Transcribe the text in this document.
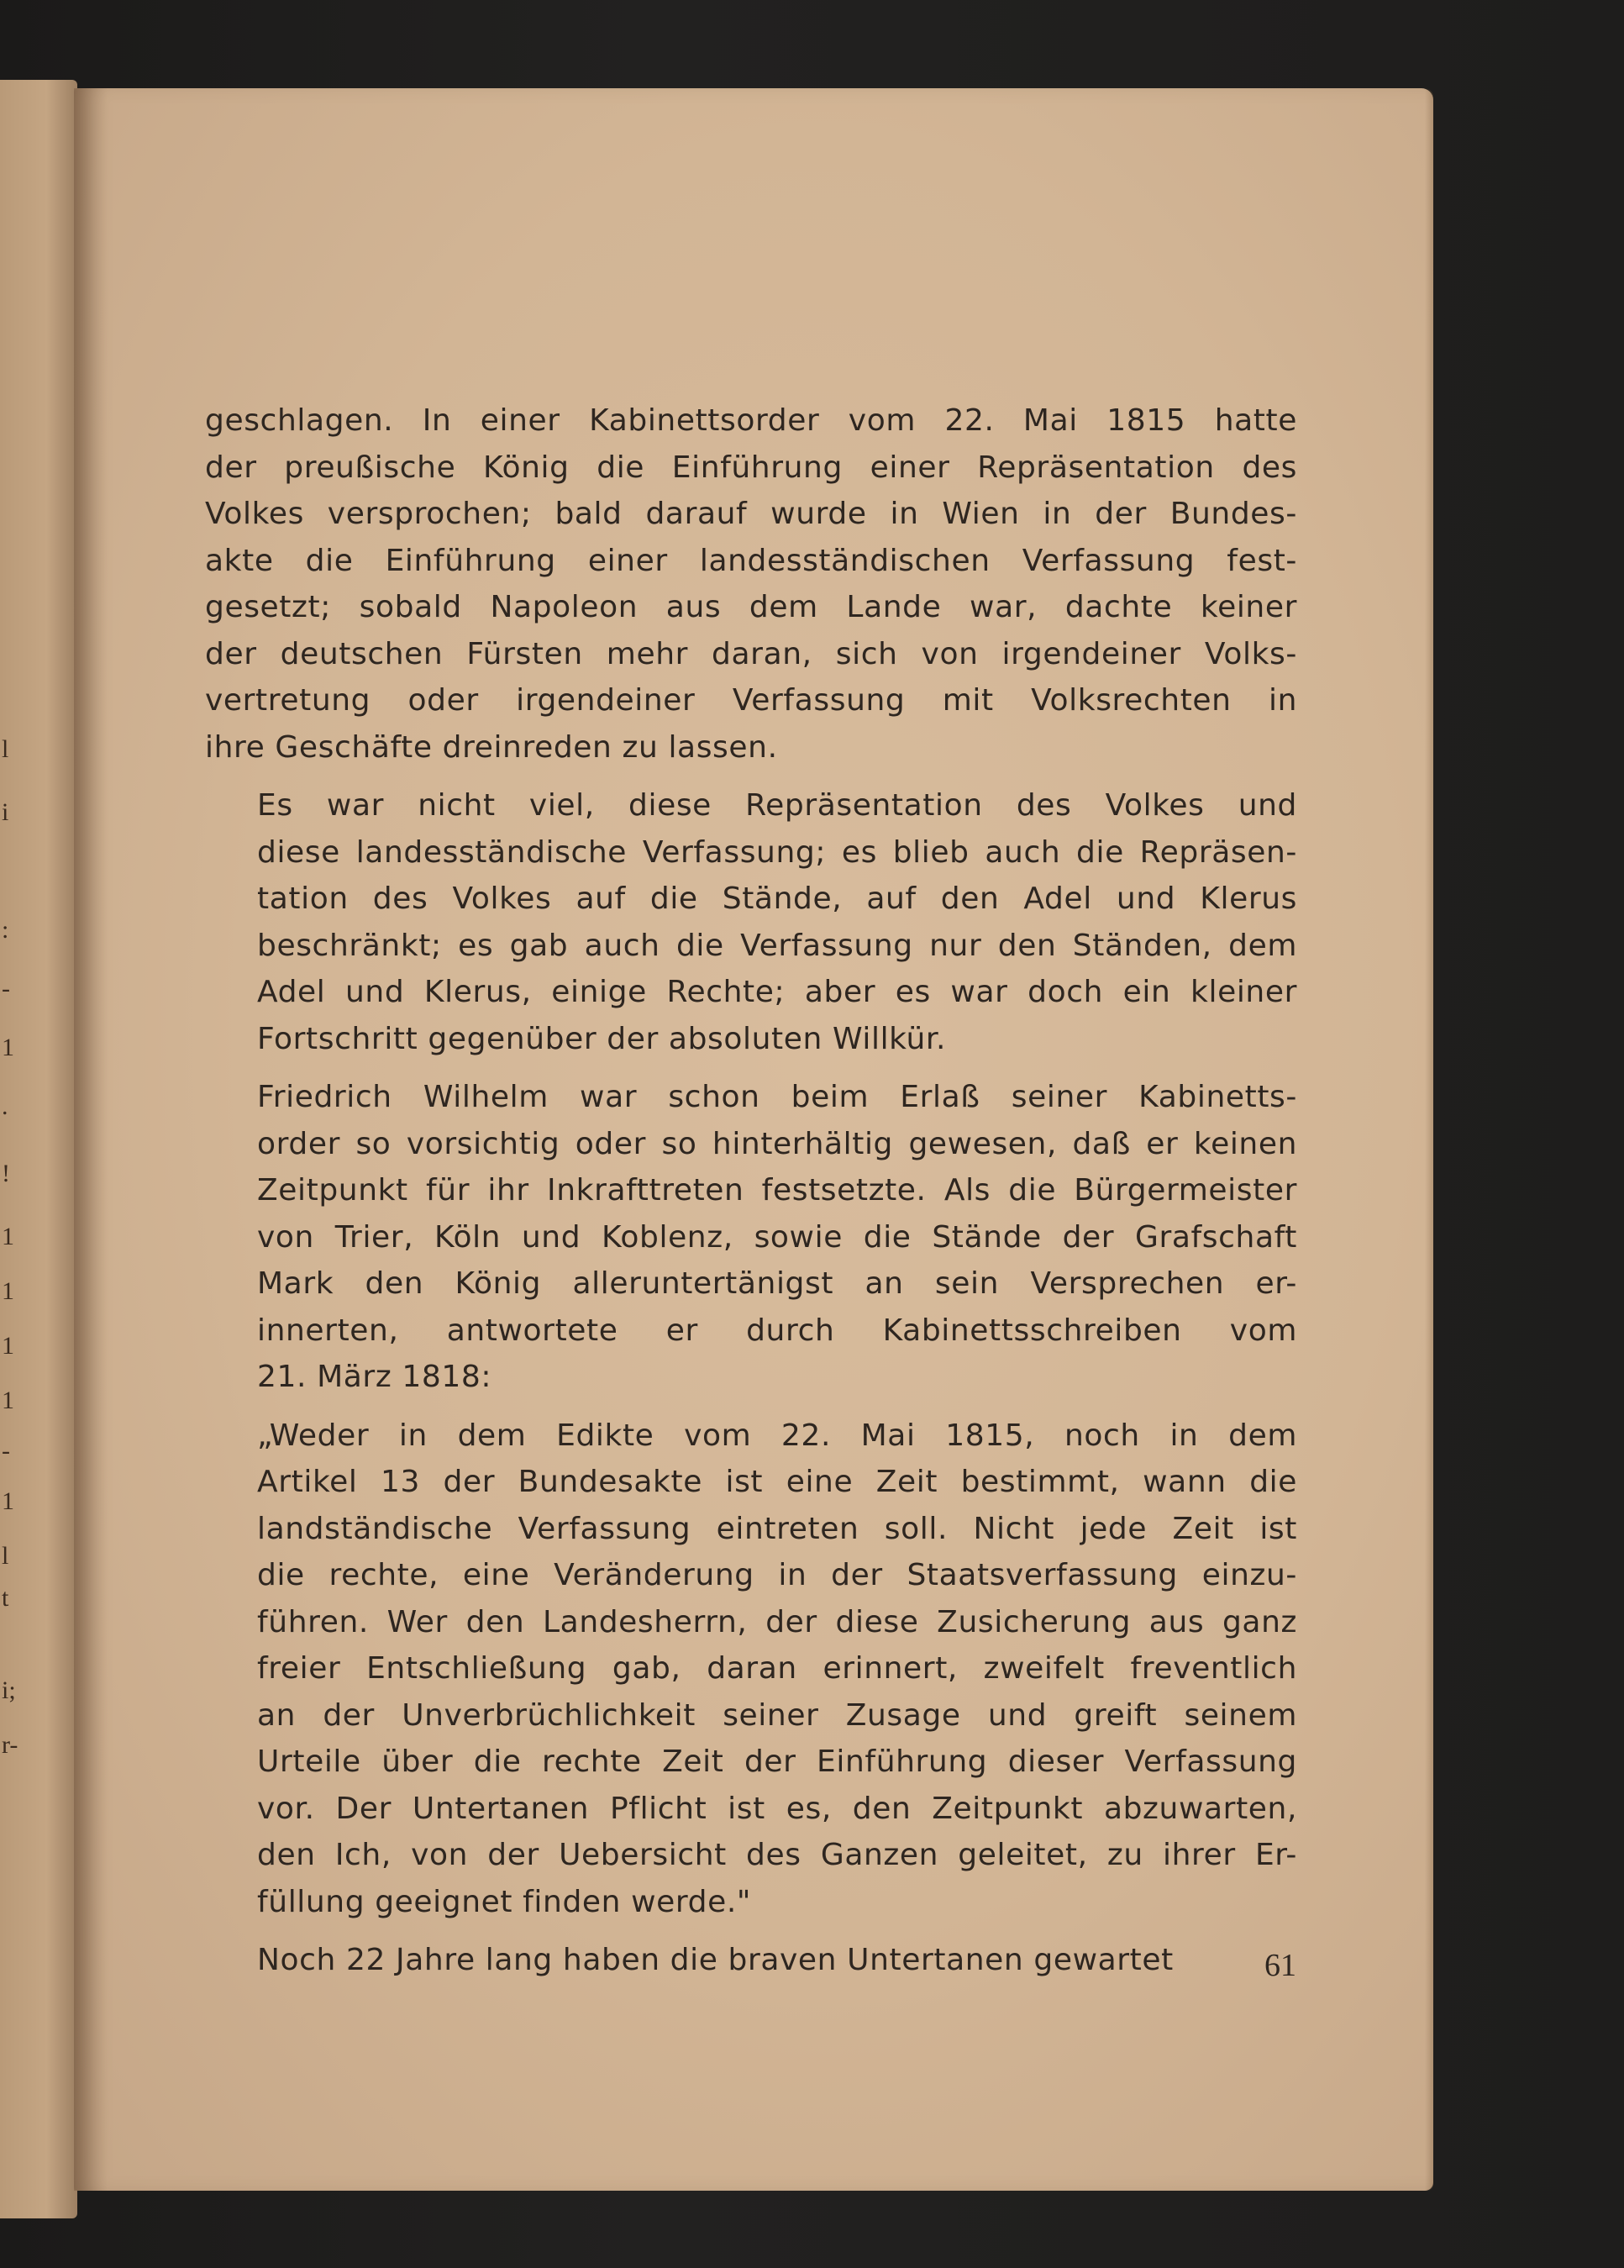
l
i
:
-
1
.
!
1
1
1
1
-
1
l
t
i;
r-

geschlagen. In einer Kabinettsorder vom 22. Mai 1815 hatte
der preußische König die Einführung einer Repräsentation des
Volkes versprochen; bald darauf wurde in Wien in der Bundes-
akte die Einführung einer landesständischen Verfassung fest-
gesetzt; sobald Napoleon aus dem Lande war, dachte keiner
der deutschen Fürsten mehr daran, sich von irgendeiner Volks-
vertretung oder irgendeiner Verfassung mit Volksrechten in
ihre Geschäfte dreinreden zu lassen.

Es war nicht viel, diese Repräsentation des Volkes und
diese landesständische Verfassung; es blieb auch die Repräsen-
tation des Volkes auf die Stände, auf den Adel und Klerus
beschränkt; es gab auch die Verfassung nur den Ständen, dem
Adel und Klerus, einige Rechte; aber es war doch ein kleiner
Fortschritt gegenüber der absoluten Willkür.

Friedrich Wilhelm war schon beim Erlaß seiner Kabinetts-
order so vorsichtig oder so hinterhältig gewesen, daß er keinen
Zeitpunkt für ihr Inkrafttreten festsetzte. Als die Bürgermeister
von Trier, Köln und Koblenz, sowie die Stände der Grafschaft
Mark den König alleruntertänigst an sein Versprechen er-
innerten, antwortete er durch Kabinettsschreiben vom
21. März 1818:

„Weder in dem Edikte vom 22. Mai 1815, noch in dem
Artikel 13 der Bundesakte ist eine Zeit bestimmt, wann die
landständische Verfassung eintreten soll. Nicht jede Zeit ist
die rechte, eine Veränderung in der Staatsverfassung einzu-
führen. Wer den Landesherrn, der diese Zusicherung aus ganz
freier Entschließung gab, daran erinnert, zweifelt freventlich
an der Unverbrüchlichkeit seiner Zusage und greift seinem
Urteile über die rechte Zeit der Einführung dieser Verfassung
vor. Der Untertanen Pflicht ist es, den Zeitpunkt abzuwarten,
den Ich, von der Uebersicht des Ganzen geleitet, zu ihrer Er-
füllung geeignet finden werde."

Noch 22 Jahre lang haben die braven Untertanen gewartet	61
